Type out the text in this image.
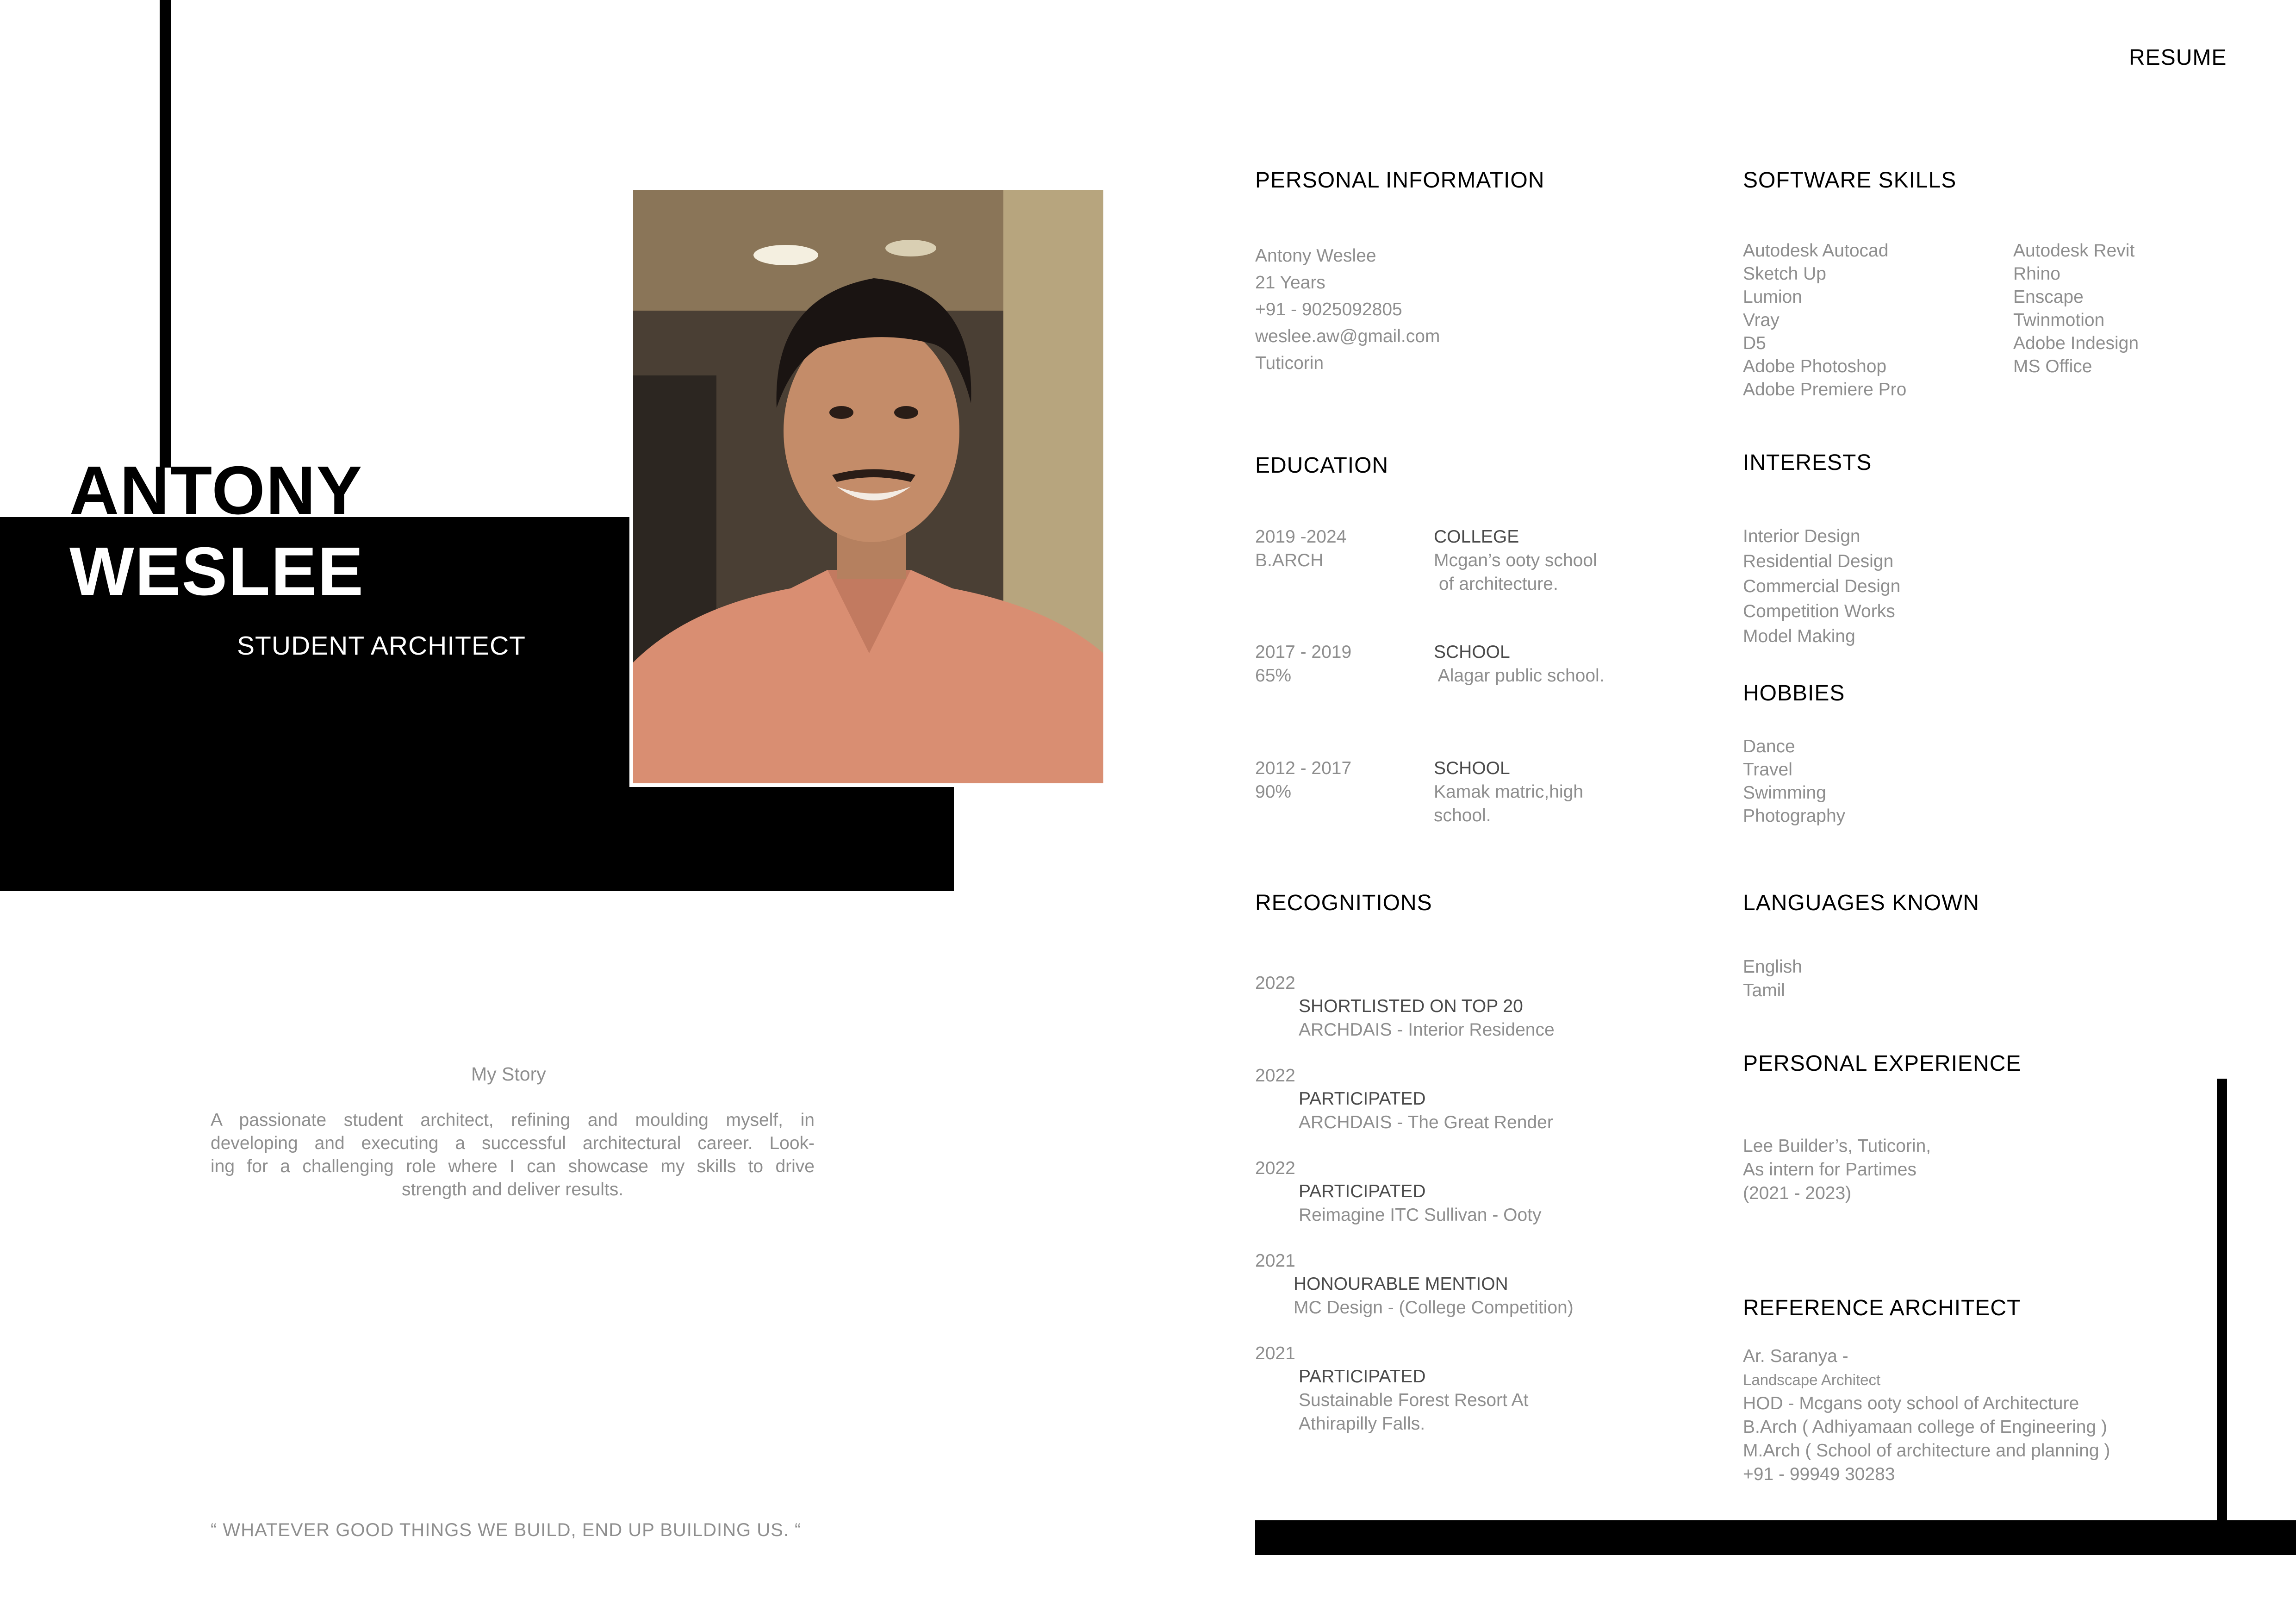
RESUME
ANTONY
WESLEE
STUDENT ARCHITECT
My Story
A passionate student architect, refining and moulding myself, in
developing and executing a successful architectural career. Look-
ing for a challenging role where I can showcase my skills to drive
strength and deliver results.
“ WHATEVER GOOD THINGS WE BUILD, END UP BUILDING US. “
PERSONAL INFORMATION
Antony Weslee
21 Years
+91 - 9025092805
weslee.aw@gmail.com
Tuticorin
SOFTWARE SKILLS
Autodesk Autocad
Sketch Up
Lumion
Vray
D5
Adobe Photoshop
Adobe Premiere Pro
Autodesk Revit
Rhino
Enscape
Twinmotion
Adobe Indesign
MS Office
EDUCATION
2019 -2024
B.ARCH
COLLEGE
Mcgan’s ooty school
of architecture.
2017 - 2019
65%
SCHOOL
Alagar public school.
2012 - 2017
90%
SCHOOL
Kamak matric,high
school.
INTERESTS
Interior Design
Residential Design
Commercial Design
Competition Works
Model Making
HOBBIES
Dance
Travel
Swimming
Photography
RECOGNITIONS
2022
SHORTLISTED ON TOP 20
ARCHDAIS - Interior Residence
2022
PARTICIPATED
ARCHDAIS - The Great Render
2022
PARTICIPATED
Reimagine ITC Sullivan - Ooty
2021
HONOURABLE MENTION
MC Design - (College Competition)
2021
PARTICIPATED
Sustainable Forest Resort At
Athirapilly Falls.
LANGUAGES KNOWN
English
Tamil
PERSONAL EXPERIENCE
Lee Builder’s, Tuticorin,
As intern for Partimes
(2021 - 2023)
REFERENCE ARCHITECT
Ar. Saranya -
Landscape Architect
HOD - Mcgans ooty school of Architecture
B.Arch ( Adhiyamaan college of Engineering )
M.Arch ( School of architecture and planning )
+91 - 99949 30283
